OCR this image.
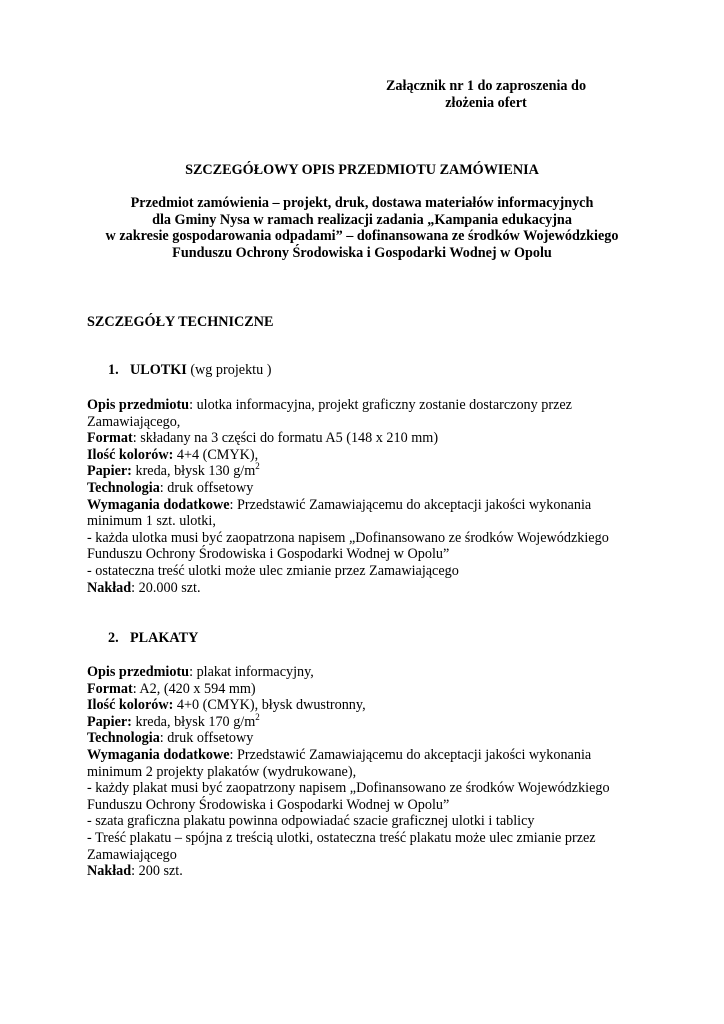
Załącznik nr 1 do zaproszenia do
złożenia ofert
SZCZEGÓŁOWY OPIS PRZEDMIOTU ZAMÓWIENIA
Przedmiot zamówienia – projekt, druk, dostawa materiałów informacyjnych
dla Gminy Nysa w ramach realizacji zadania „Kampania edukacyjna
w zakresie gospodarowania odpadami” – dofinansowana ze środków Wojewódzkiego
Funduszu Ochrony Środowiska i Gospodarki Wodnej w Opolu
SZCZEGÓŁY TECHNICZNE
1. ULOTKI (wg projektu )
Opis przedmiotu: ulotka informacyjna, projekt graficzny zostanie dostarczony przez
Zamawiającego,
Format: składany na 3 części do formatu A5 (148 x 210 mm)
Ilość kolorów: 4+4 (CMYK),
Papier: kreda, błysk 130 $g/m^2$
Technologia: druk offsetowy
Wymagania dodatkowe: Przedstawić Zamawiającemu do akceptacji jakości wykonania
minimum 1 szt. ulotki,
- każda ulotka musi być zaopatrzona napisem „Dofinansowano ze środków Wojewódzkiego
Funduszu Ochrony Środowiska i Gospodarki Wodnej w Opolu”
- ostateczna treść ulotki może ulec zmianie przez Zamawiającego
Nakład: 20.000 szt.
2. PLAKATY
Opis przedmiotu: plakat informacyjny,
Format: A2, (420 x 594 mm)
Ilość kolorów: 4+0 (CMYK), błysk dwustronny,
Papier: kreda, błysk 170 $g/m^2$
Technologia: druk offsetowy
Wymagania dodatkowe: Przedstawić Zamawiającemu do akceptacji jakości wykonania
minimum 2 projekty plakatów (wydrukowane),
- każdy plakat musi być zaopatrzony napisem „Dofinansowano ze środków Wojewódzkiego
Funduszu Ochrony Środowiska i Gospodarki Wodnej w Opolu”
- szata graficzna plakatu powinna odpowiadać szacie graficznej ulotki i tablicy
- Treść plakatu – spójna z treścią ulotki, ostateczna treść plakatu może ulec zmianie przez
Zamawiającego
Nakład: 200 szt.
